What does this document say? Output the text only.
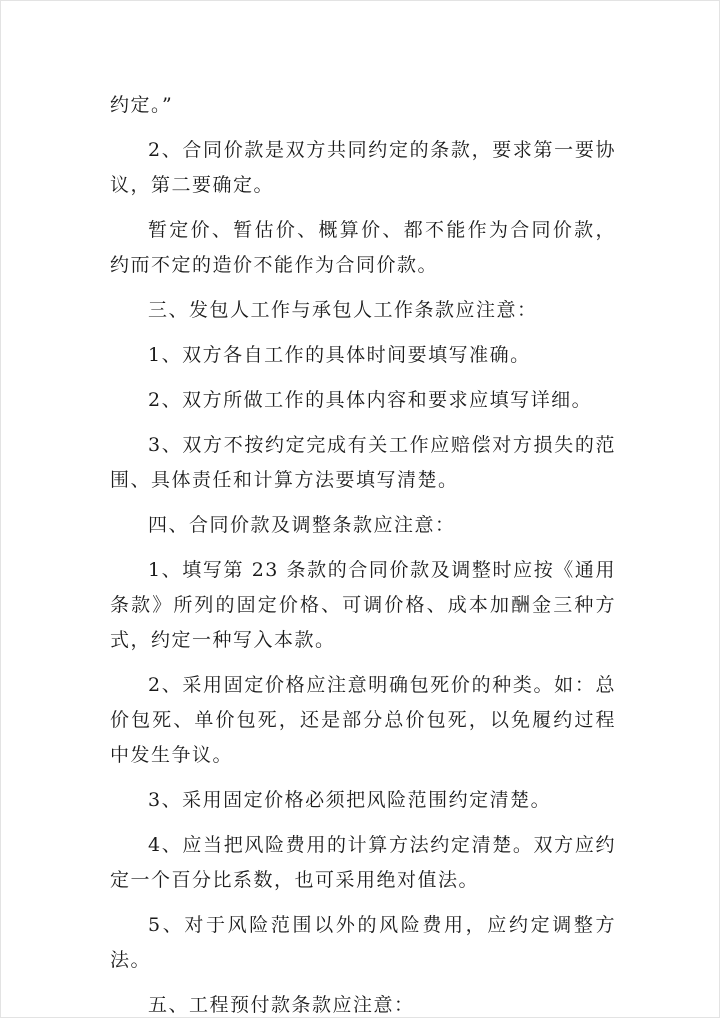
约定。”

2、合同价款是双方共同约定的条款，要求第一要协议，第二要确定。

暂定价、暂估价、概算价、都不能作为合同价款，约而不定的造价不能作为合同价款。

三、发包人工作与承包人工作条款应注意：

1、双方各自工作的具体时间要填写准确。

2、双方所做工作的具体内容和要求应填写详细。

3、双方不按约定完成有关工作应赔偿对方损失的范围、具体责任和计算方法要填写清楚。

四、合同价款及调整条款应注意：

1、填写第 23 条款的合同价款及调整时应按《通用条款》所列的固定价格、可调价格、成本加酬金三种方式，约定一种写入本款。

2、采用固定价格应注意明确包死价的种类。如：总价包死、单价包死，还是部分总价包死，以免履约过程中发生争议。

3、采用固定价格必须把风险范围约定清楚。

4、应当把风险费用的计算方法约定清楚。双方应约定一个百分比系数，也可采用绝对值法。

5、对于风险范围以外的风险费用，应约定调整方法。

五、工程预付款条款应注意：
